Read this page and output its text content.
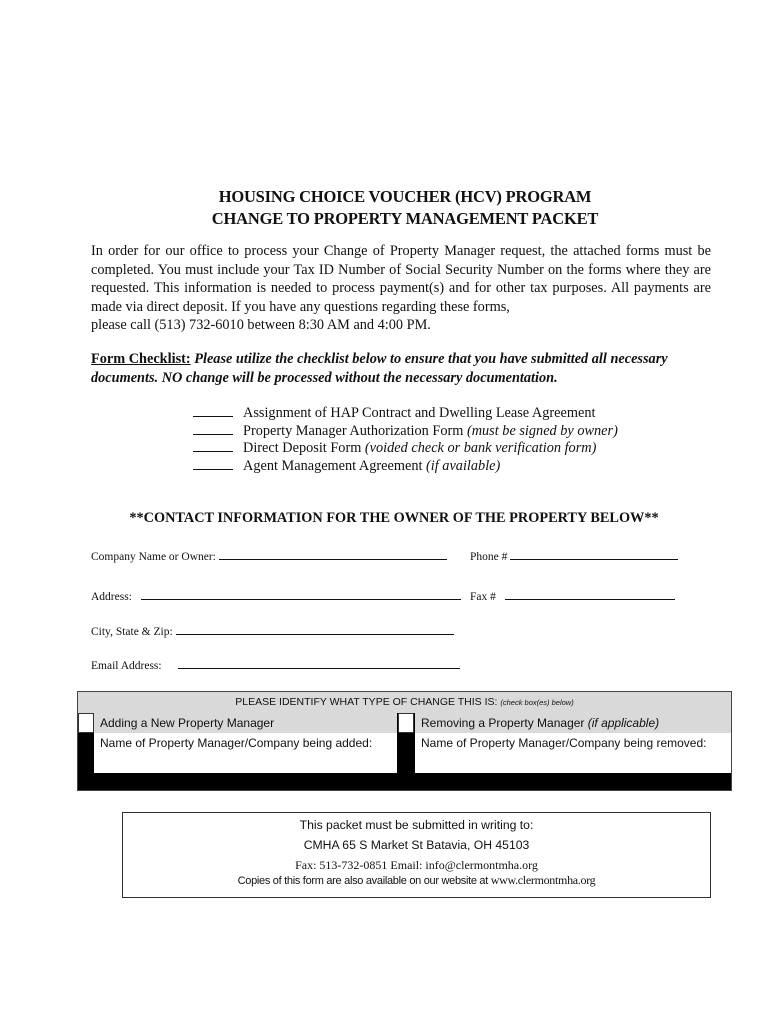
HOUSING CHOICE VOUCHER (HCV) PROGRAM
CHANGE TO PROPERTY MANAGEMENT PACKET
In order for our office to process your Change of Property Manager request, the attached forms must be completed. You must include your Tax ID Number of Social Security Number on the forms where they are requested. This information is needed to process payment(s) and for other tax purposes. All payments are made via direct deposit. If you have any questions regarding these forms,
please call (513) 732-6010 between 8:30 AM and 4:00 PM.
Form Checklist: Please utilize the checklist below to ensure that you have submitted all necessary documents. NO change will be processed without the necessary documentation.
Assignment of HAP Contract and Dwelling Lease Agreement
Property Manager Authorization Form (must be signed by owner)
Direct Deposit Form (voided check or bank verification form)
Agent Management Agreement (if available)
**CONTACT INFORMATION FOR THE OWNER OF THE PROPERTY BELOW**
Company Name or Owner:	Phone #
Address:	Fax #
City, State & Zip:
Email Address:
PLEASE IDENTIFY WHAT TYPE OF CHANGE THIS IS: (check box(es) below)
Adding a New Property Manager
Name of Property Manager/Company being added:
Removing a Property Manager (if applicable)
Name of Property Manager/Company being removed:
This packet must be submitted in writing to:
CMHA 65 S Market St Batavia, OH 45103
Fax: 513-732-0851 Email: info@clermontmha.org
Copies of this form are also available on our website at www.clermontmha.org
